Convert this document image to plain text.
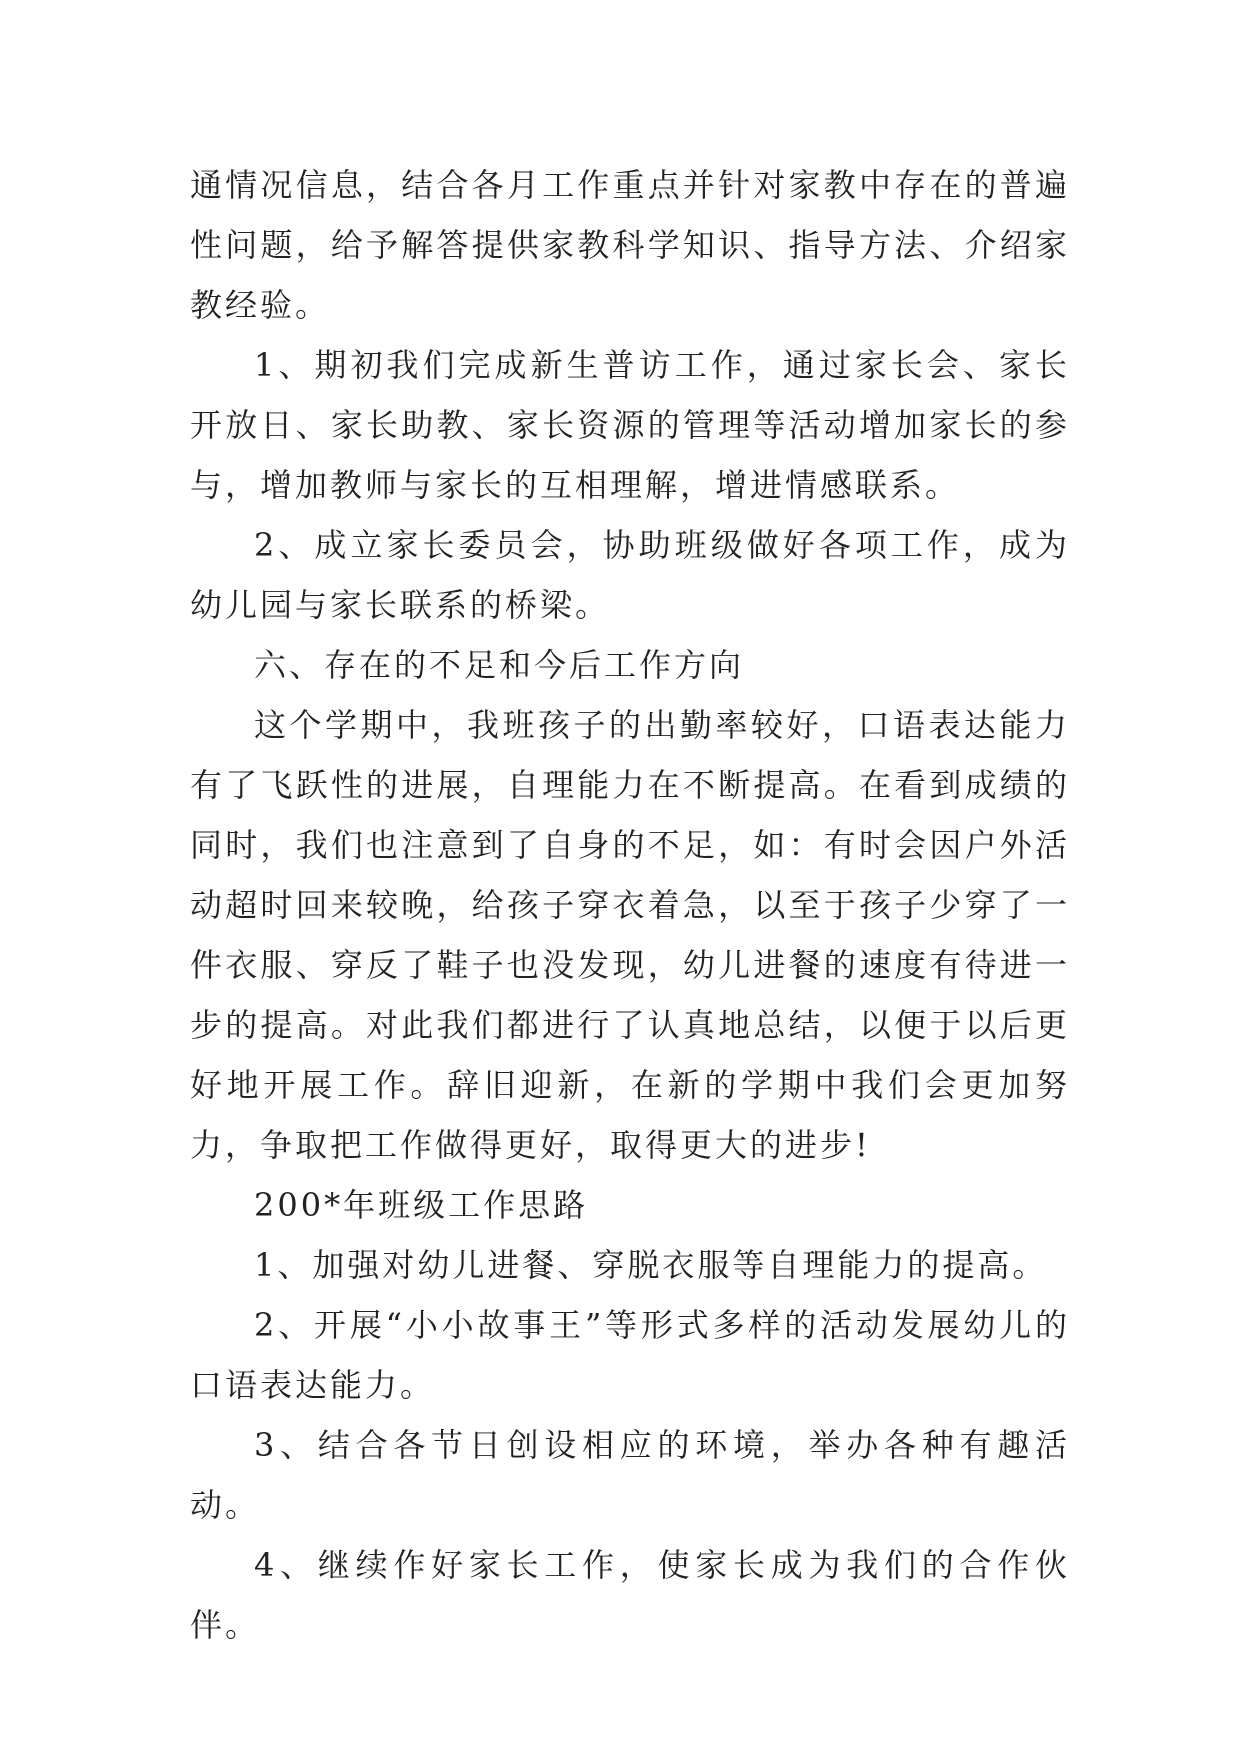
通情况信息，结合各月工作重点并针对家教中存在的普遍性问题，给予解答提供家教科学知识、指导方法、介绍家教经验。

1、期初我们完成新生普访工作，通过家长会、家长开放日、家长助教、家长资源的管理等活动增加家长的参与，增加教师与家长的互相理解，增进情感联系。

2、成立家长委员会，协助班级做好各项工作，成为幼儿园与家长联系的桥梁。

六、存在的不足和今后工作方向

这个学期中，我班孩子的出勤率较好，口语表达能力有了飞跃性的进展，自理能力在不断提高。在看到成绩的同时，我们也注意到了自身的不足，如：有时会因户外活动超时回来较晚，给孩子穿衣着急，以至于孩子少穿了一件衣服、穿反了鞋子也没发现，幼儿进餐的速度有待进一步的提高。对此我们都进行了认真地总结，以便于以后更好地开展工作。辞旧迎新，在新的学期中我们会更加努力，争取把工作做得更好，取得更大的进步!

200*年班级工作思路

1、加强对幼儿进餐、穿脱衣服等自理能力的提高。

2、开展“小小故事王”等形式多样的活动发展幼儿的口语表达能力。

3、结合各节日创设相应的环境，举办各种有趣活动。

4、继续作好家长工作，使家长成为我们的合作伙伴。
